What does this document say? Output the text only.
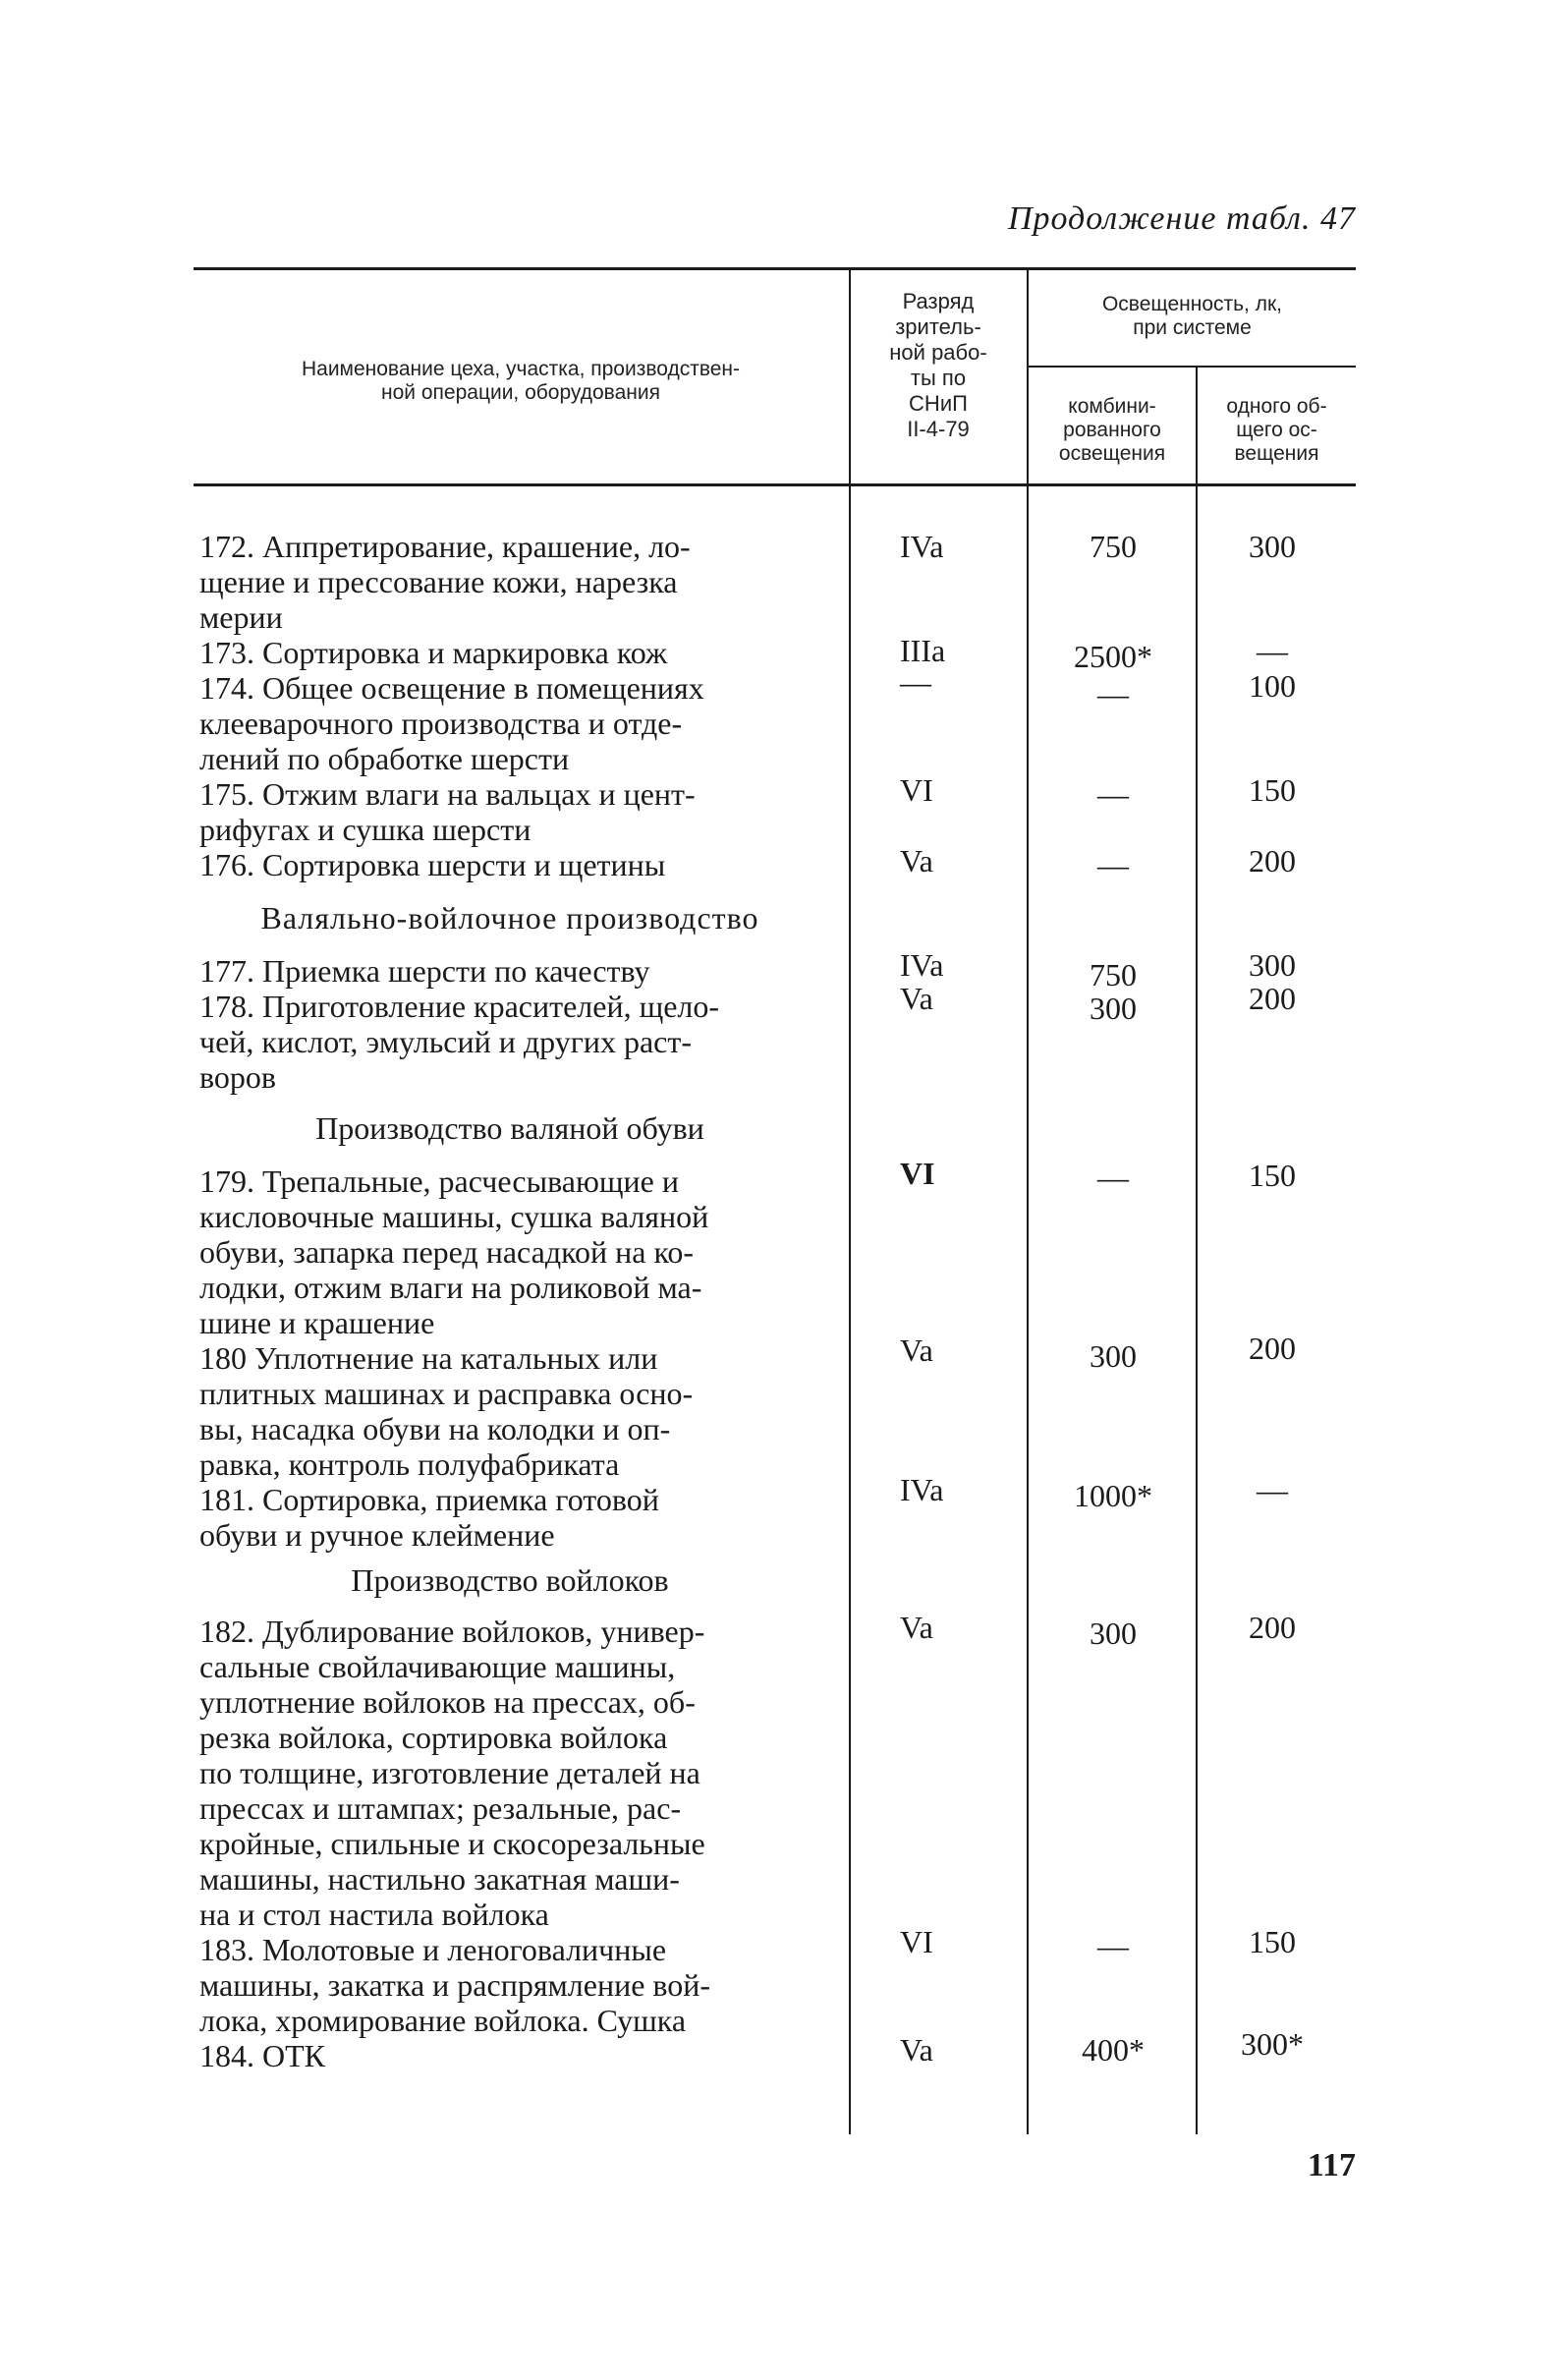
Продолжение табл. 47
Наименование цеха, участка, производствен-
ной операции, оборудования
Разряд
зритель-
ной рабо-
ты по
СНиП
II-4-79
Освещенность, лк,
при системе
комбини-
рованного
освещения
одного об-
щего ос-
вещения
172. Аппретирование, крашение, ло-
щение и прессование кожи, нарезка
мерии
IVa	750	300
173. Сортировка и маркировка кож	IIIa	2500*	—
174. Общее освещение в помещениях
клееварочного производства и отде-
лений по обработке шерсти
—	—	100
175. Отжим влаги на вальцах и цент-
рифугах и сушка шерсти
VI	—	150
176. Сортировка шерсти и щетины	Va	—	200
Валяльно-войлочное производство
177. Приемка шерсти по качеству	IVa	750	300
178. Приготовление красителей, щело-
чей, кислот, эмульсий и других раст-
воров
Va	300	200
Производство валяной обуви
179. Трепальные, расчесывающие и
кисловочные машины, сушка валяной
обуви, запарка перед насадкой на ко-
лодки, отжим влаги на роликовой ма-
шине и крашение
VI	—	150
180 Уплотнение на катальных или
плитных машинах и расправка осно-
вы, насадка обуви на колодки и оп-
равка, контроль полуфабриката
Va	300	200
181. Сортировка, приемка готовой
обуви и ручное клеймение
IVa	1000*	—
Производство войлоков
182. Дублирование войлоков, универ-
сальные свойлачивающие машины,
уплотнение войлоков на прессах, об-
резка войлока, сортировка войлока
по толщине, изготовление деталей на
прессах и штампах; резальные, рас-
кройные, спильные и скосорезальные
машины, настильно закатная маши-
на и стол настила войлока
Va	300	200
183. Молотовые и леноговаличные
машины, закатка и распрямление вой-
лока, хромирование войлока. Сушка
VI	—	150
184. ОТК	Va	400*	300*
117
